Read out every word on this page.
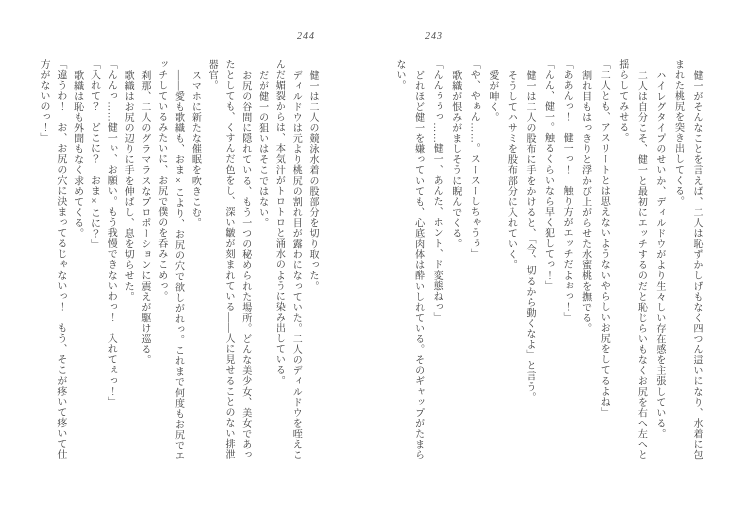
244	243
健一がそんなことを言えば、二人は恥ずかしげもなく四つん這いになり、水着に包
まれた桃尻を突き出してくる。
ハイレグタイプのせいか、ディルドウがより生々しい存在感を主張している。
二人は自分こそ、健一と最初にエッチするのだと恥じらいもなくお尻を右へ左へと
揺らしてみせる。
「二人とも、アスリートとは思えないようないやらしいお尻をしてるよね」
割れ目もはっきりと浮かび上がらせた水蜜桃を撫でる。
「ああんっ！　健一っ！　触り方がエッチだよぉっ！」
「んん、健一。触るくらいなら早く犯してっ！」
健一は二人の股布に手をかけると、「今、切るから動くなよ」と言う。
そうしてハサミを股布部分に入れていく。
愛が呻く。
「や、やぁん……。スースーしちゃうぅ」
歌織が恨みがましそうに睨んでくる。
「んんぅぅっ……健一、あんた、ホント、ド変態ねっ」
どれほど健一を嫌っていても、心底肉体は酔いしれている。そのギャップがたまら
ない。
健一は二人の競泳水着の股部分を切り取った。
ディルドウは元より桃尻の割れ目が露わになっていた。二人のディルドウを咥えこ
んだ媚裂からは、本気汁がトロトロと涌水のように染み出している。
だが健一の狙いはそこではない。
お尻の谷間に隠れている、もう一つの秘められた場所。どんな美少女、美女であっ
たとしても、くすんだ色をし、深い皺が刻まれている――人に見せることのない排泄
器官。
スマホに新たな催眠を吹きこむ。
――愛も歌織も、おま×こより、お尻の穴で欲しがれっ。これまで何度もお尻でエ
ッチしているみたいに、お尻で僕のを呑みこめっ。
刹那、二人のグラマラスなプロポーションに震えが駆け巡る。
歌織はお尻の辺りに手を伸ばし、息を切らせた。
「んんっ……健一ぃ、お願い。もう我慢できないわっ！　入れてぇっ！」
「入れて？　どこに？　おま×こに？」
歌織は恥も外聞もなく求めてくる。
「違うわ！　お、お尻の穴に決まってるじゃないっ！　もう、そこが疼いて疼いて仕
方がないのっ！」
